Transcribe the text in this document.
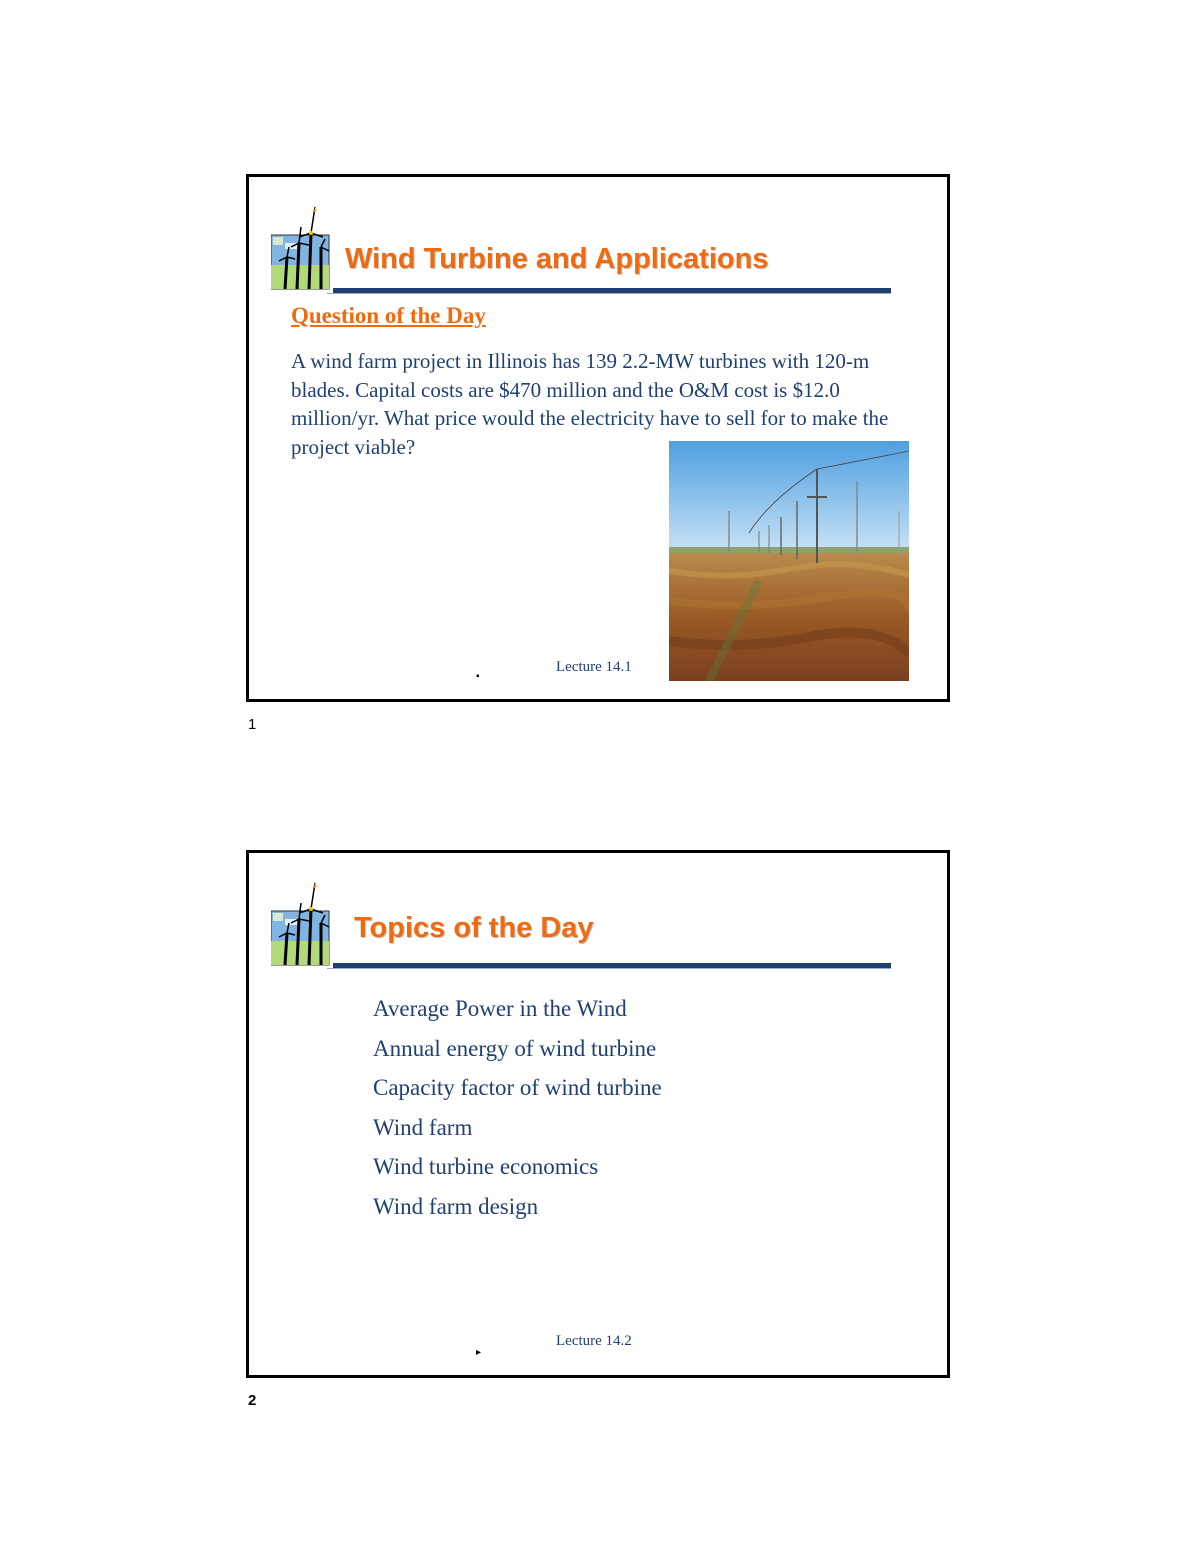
Wind Turbine and Applications
Question of the Day
A wind farm project in Illinois has 139 2.2-MW turbines with 120-m blades. Capital costs are $470 million and the O&M cost is $12.0 million/yr. What price would the electricity have to sell for to make the project viable?
Lecture 14.1
▪
1
Topics of the Day
Average Power in the Wind
Annual energy of wind turbine
Capacity factor of wind turbine
Wind farm
Wind turbine economics
Wind farm design
Lecture 14.2
▸
2
